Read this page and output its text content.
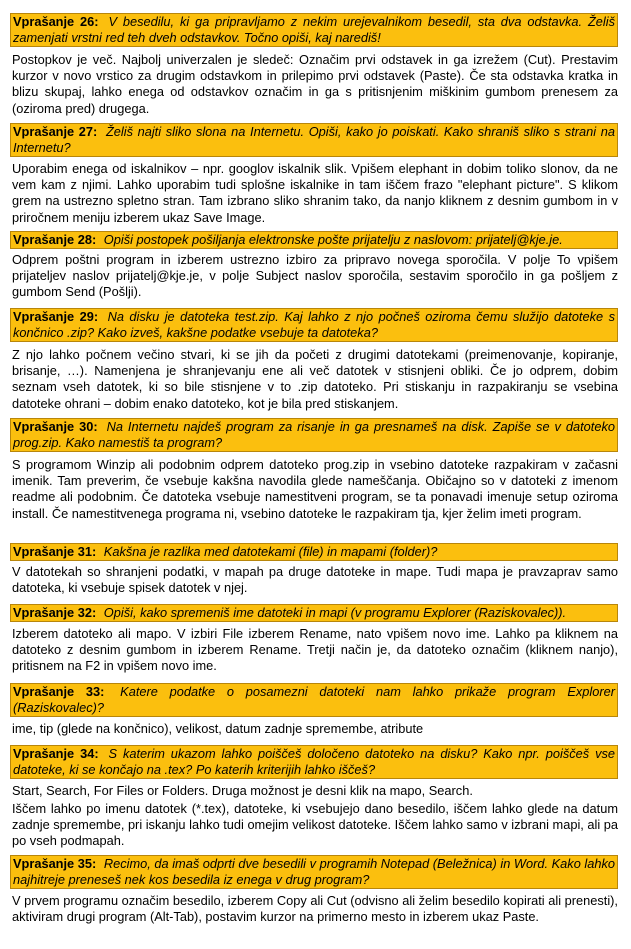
Vprašanje 26: V besedilu, ki ga pripravljamo z nekim urejevalnikom besedil, sta dva odstavka. Želiš zamenjati vrstni red teh dveh odstavkov. Točno opiši, kaj narediš!

Postopkov je več. Najbolj univerzalen je sledeč: Označim prvi odstavek in ga izrežem (Cut). Prestavim kurzor v novo vrstico za drugim odstavkom in prilepimo prvi odstavek (Paste). Če sta odstavka kratka in blizu skupaj, lahko enega od odstavkov označim in ga s pritisnjenim miškinim gumbom prenesem za (oziroma pred) drugega.

Vprašanje 27: Želiš najti sliko slona na Internetu. Opiši, kako jo poiskati. Kako shraniš sliko s strani na Internetu?

Uporabim enega od iskalnikov – npr. googlov iskalnik slik. Vpišem elephant in dobim toliko slonov, da ne vem kam z njimi. Lahko uporabim tudi splošne iskalnike in tam iščem frazo "elephant picture". S klikom grem na ustrezno spletno stran. Tam izbrano sliko shranim tako, da nanjo kliknem z desnim gumbom in v priročnem meniju izberem ukaz Save Image.

Vprašanje 28: Opiši postopek pošiljanja elektronske pošte prijatelju z naslovom: prijatelj@kje.je.

Odprem poštni program in izberem ustrezno izbiro za pripravo novega sporočila. V polje To vpišem prijateljev naslov prijatelj@kje.je, v polje Subject naslov sporočila, sestavim sporočilo in ga pošljem z gumbom Send (Pošlji).

Vprašanje 29: Na disku je datoteka test.zip. Kaj lahko z njo počneš oziroma čemu služijo datoteke s končnico .zip? Kako izveš, kakšne podatke vsebuje ta datoteka?

Z njo lahko počnem večino stvari, ki se jih da početi z drugimi datotekami (preimenovanje, kopiranje, brisanje, …). Namenjena je shranjevanju ene ali več datotek v stisnjeni obliki. Če jo odprem, dobim seznam vseh datotek, ki so bile stisnjene v to .zip datoteko. Pri stiskanju in razpakiranju se vsebina datoteke ohrani – dobim enako datoteko, kot je bila pred stiskanjem.

Vprašanje 30: Na Internetu najdeš program za risanje in ga presnameš na disk. Zapiše se v datoteko prog.zip. Kako namestiš ta program?

S programom Winzip ali podobnim odprem datoteko prog.zip in vsebino datoteke razpakiram v začasni imenik. Tam preverim, če vsebuje kakšna navodila glede nameščanja. Običajno so v datoteki z imenom readme ali podobnim. Če datoteka vsebuje namestitveni program, se ta ponavadi imenuje setup oziroma install. Če namestitvenega programa ni, vsebino datoteke le razpakiram tja, kjer želim imeti program.

Vprašanje 31: Kakšna je razlika med datotekami (file) in mapami (folder)?

V datotekah so shranjeni podatki, v mapah pa druge datoteke in mape. Tudi mapa je pravzaprav samo datoteka, ki vsebuje spisek datotek v njej.

Vprašanje 32: Opiši, kako spremeniš ime datoteki in mapi (v programu Explorer (Raziskovalec)).

Izberem datoteko ali mapo. V izbiri File izberem Rename, nato vpišem novo ime. Lahko pa kliknem na datoteko z desnim gumbom in izberem Rename. Tretji način je, da datoteko označim (kliknem nanjo), pritisnem na F2 in vpišem novo ime.

Vprašanje 33: Katere podatke o posamezni datoteki nam lahko prikaže program Explorer (Raziskovalec)?

ime, tip (glede na končnico), velikost, datum zadnje spremembe, atribute

Vprašanje 34: S katerim ukazom lahko poiščeš določeno datoteko na disku? Kako npr. poiščeš vse datoteke, ki se končajo na .tex? Po katerih kriterijih lahko iščeš?

Start, Search, For Files or Folders. Druga možnost je desni klik na mapo, Search.

Iščem lahko po imenu datotek (*.tex), datoteke, ki vsebujejo dano besedilo, iščem lahko glede na datum zadnje spremembe, pri iskanju lahko tudi omejim velikost datoteke. Iščem lahko samo v izbrani mapi, ali pa po vseh podmapah.

Vprašanje 35: Recimo, da imaš odprti dve besedili v programih Notepad (Beležnica) in Word. Kako lahko najhitreje preneseš nek kos besedila iz enega v drug program?

V prvem programu označim besedilo, izberem Copy ali Cut (odvisno ali želim besedilo kopirati ali prenesti), aktiviram drugi program (Alt-Tab), postavim kurzor na primerno mesto in izberem ukaz Paste.
